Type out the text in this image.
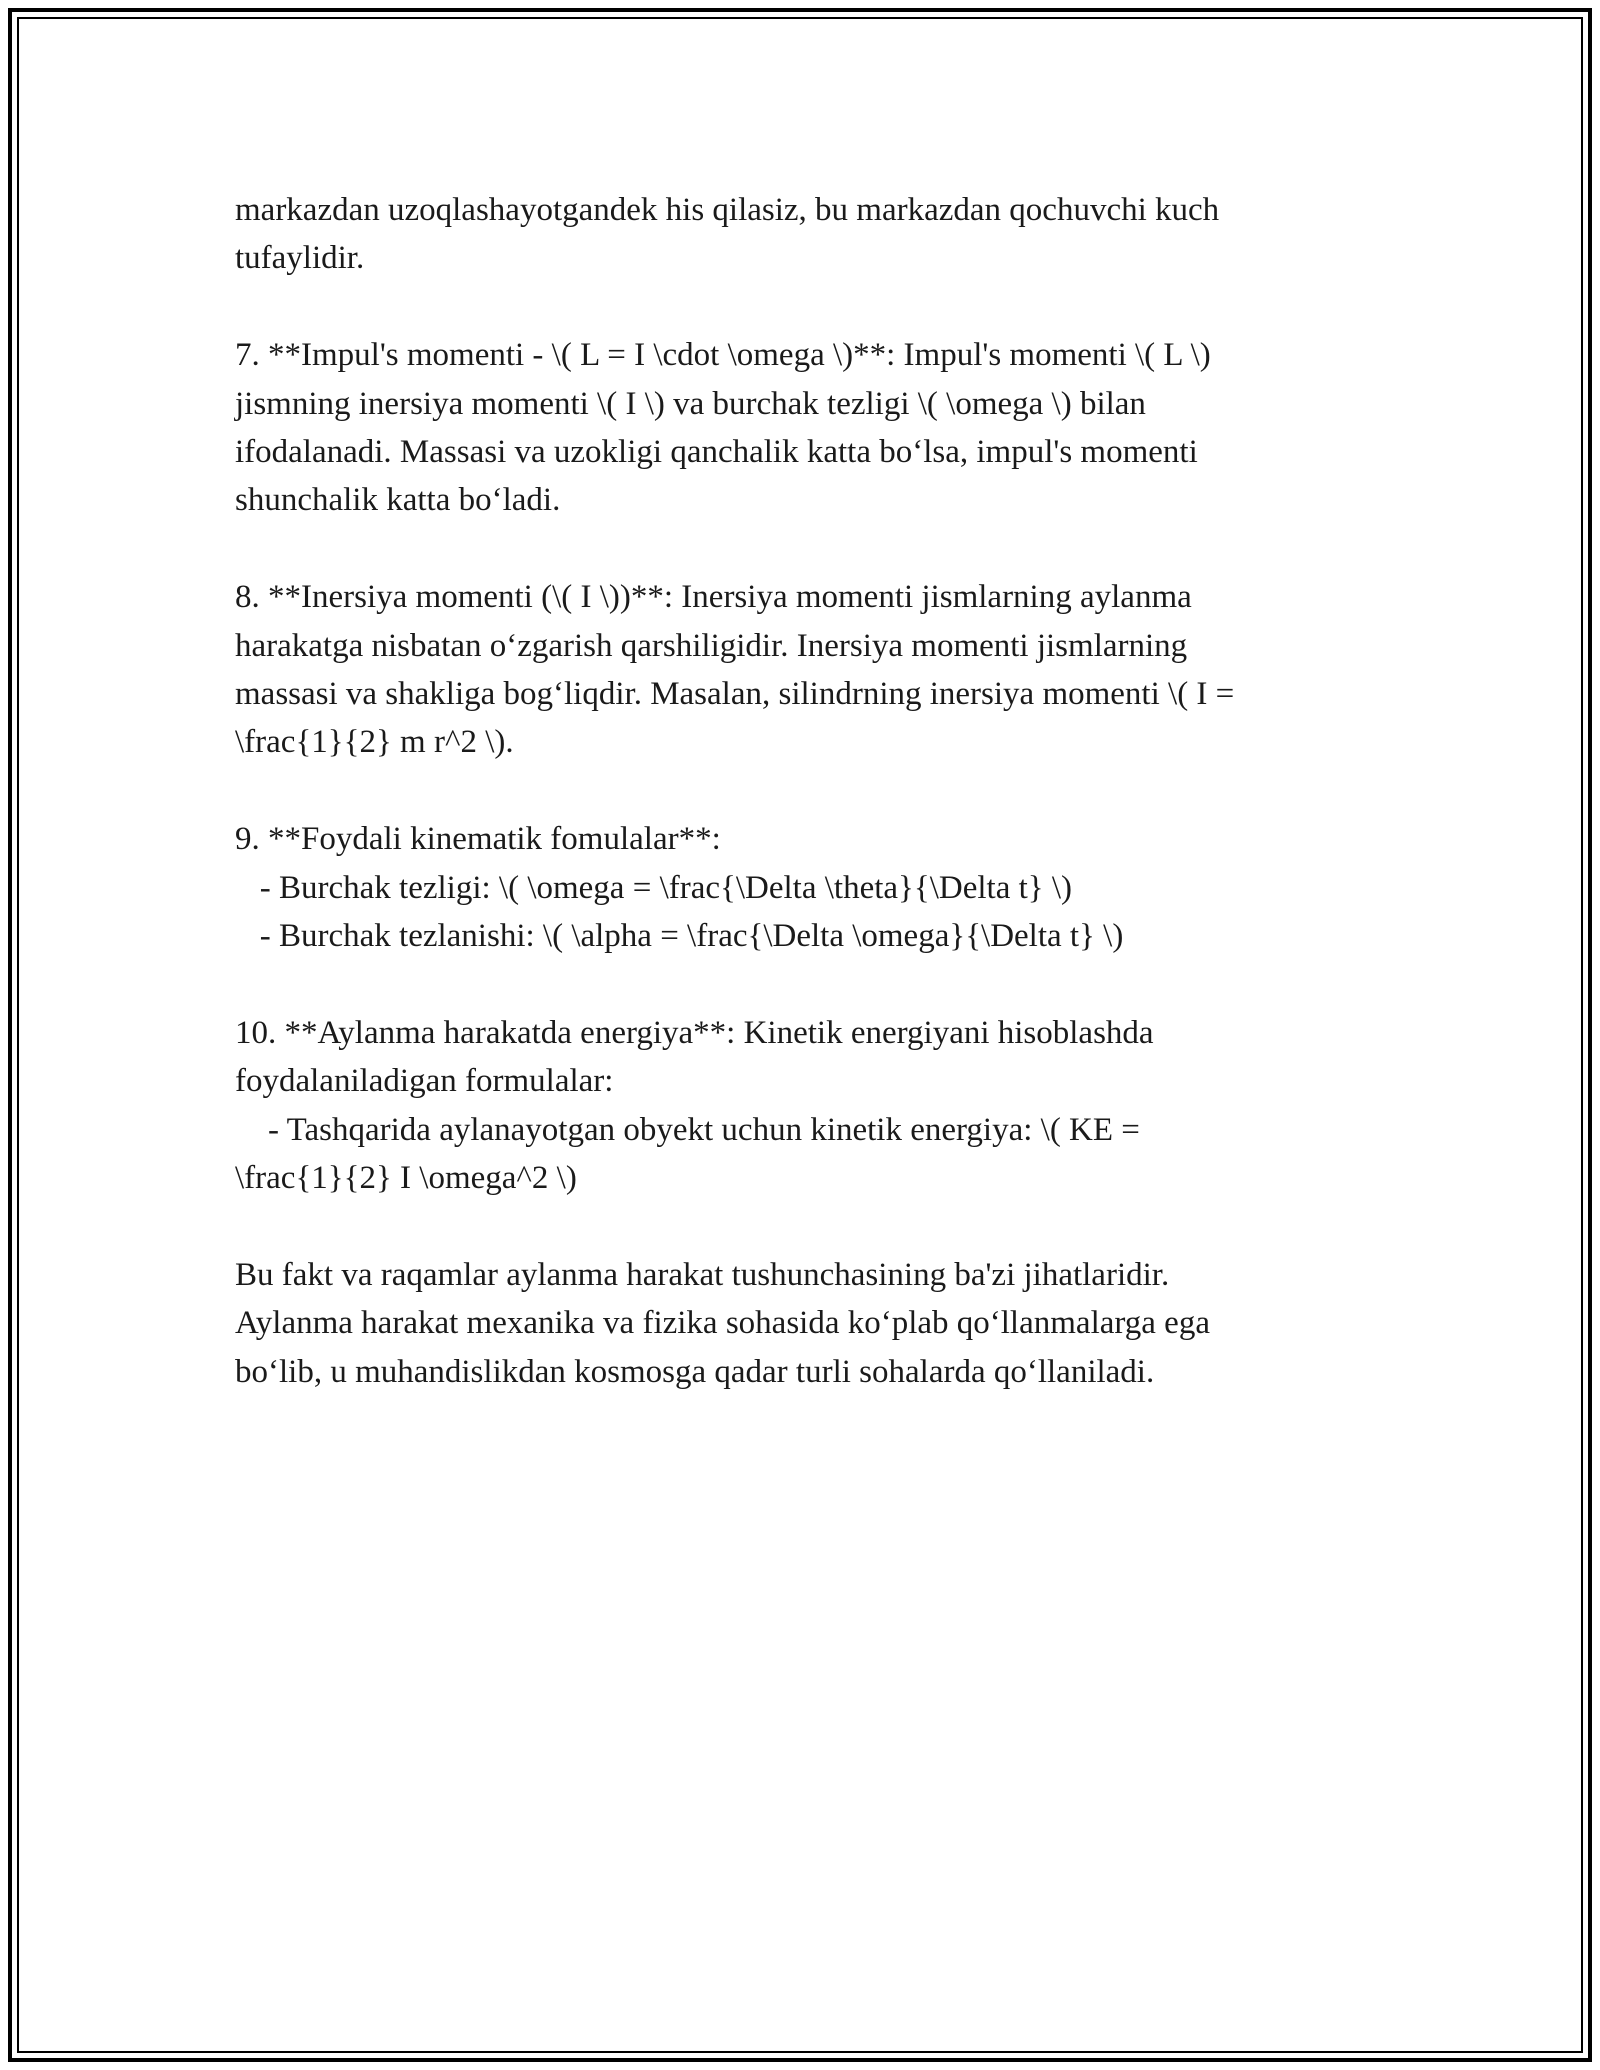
markazdan uzoqlashayotgandek his qilasiz, bu markazdan qochuvchi kuch
tufaylidir.

7. **Impul's momenti - \( L = I \cdot \omega \)**: Impul's momenti \( L \)
jismning inersiya momenti \( I \) va burchak tezligi \( \omega \) bilan
ifodalanadi. Massasi va uzokligi qanchalik katta bo‘lsa, impul's momenti
shunchalik katta bo‘ladi.

8. **Inersiya momenti (\( I \))**: Inersiya momenti jismlarning aylanma
harakatga nisbatan o‘zgarish qarshiligidir. Inersiya momenti jismlarning
massasi va shakliga bog‘liqdir. Masalan, silindrning inersiya momenti \( I =
\frac{1}{2} m r^2 \).

9. **Foydali kinematik fomulalar**:
- Burchak tezligi: \( \omega = \frac{\Delta \theta}{\Delta t} \)
- Burchak tezlanishi: \( \alpha = \frac{\Delta \omega}{\Delta t} \)

10. **Aylanma harakatda energiya**: Kinetik energiyani hisoblashda
foydalaniladigan formulalar:
- Tashqarida aylanayotgan obyekt uchun kinetik energiya: \( KE =
\frac{1}{2} I \omega^2 \)

Bu fakt va raqamlar aylanma harakat tushunchasining ba'zi jihatlaridir.
Aylanma harakat mexanika va fizika sohasida ko‘plab qo‘llanmalarga ega
bo‘lib, u muhandislikdan kosmosga qadar turli sohalarda qo‘llaniladi.
